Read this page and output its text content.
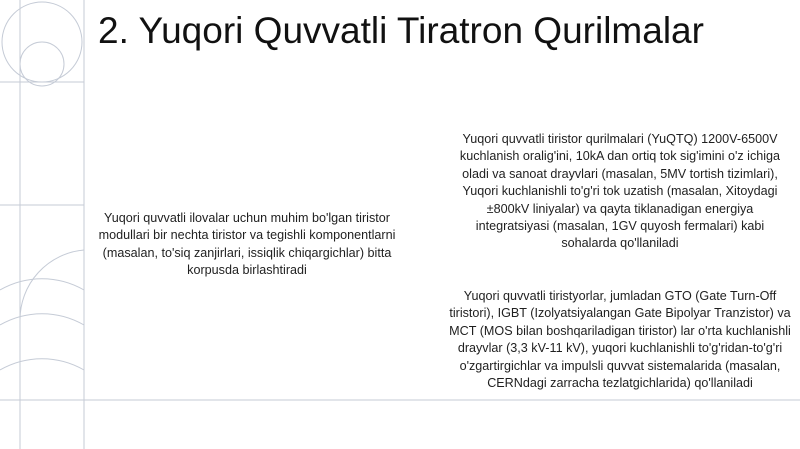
2. Yuqori Quvvatli Tiratron Qurilmalar

Yuqori quvvatli ilovalar uchun muhim bo'lgan tiristor modullari bir nechta tiristor va tegishli komponentlarni (masalan, to'siq zanjirlari, issiqlik chiqargichlar) bitta korpusda birlashtiradi

Yuqori quvvatli tiristor qurilmalari (YuQTQ) 1200V-6500V kuchlanish oralig'ini, 10kA dan ortiq tok sig'imini o'z ichiga oladi va sanoat drayvlari (masalan, 5MV tortish tizimlari), Yuqori kuchlanishli to'g'ri tok uzatish (masalan, Xitoydagi ±800kV liniyalar) va qayta tiklanadigan energiya integratsiyasi (masalan, 1GV quyosh fermalari) kabi sohalarda qo'llaniladi

Yuqori quvvatli tiristyorlar, jumladan GTO (Gate Turn-Off tiristori), IGBT (Izolyatsiyalangan Gate Bipolyar Tranzistor) va MCT (MOS bilan boshqariladigan tiristor) lar o'rta kuchlanishli drayvlar (3,3 kV-11 kV), yuqori kuchlanishli to'g'ridan-to'g'ri o'zgartirgichlar va impulsli quvvat sistemalarida (masalan, CERNdagi zarracha tezlatgichlarida) qo'llaniladi
